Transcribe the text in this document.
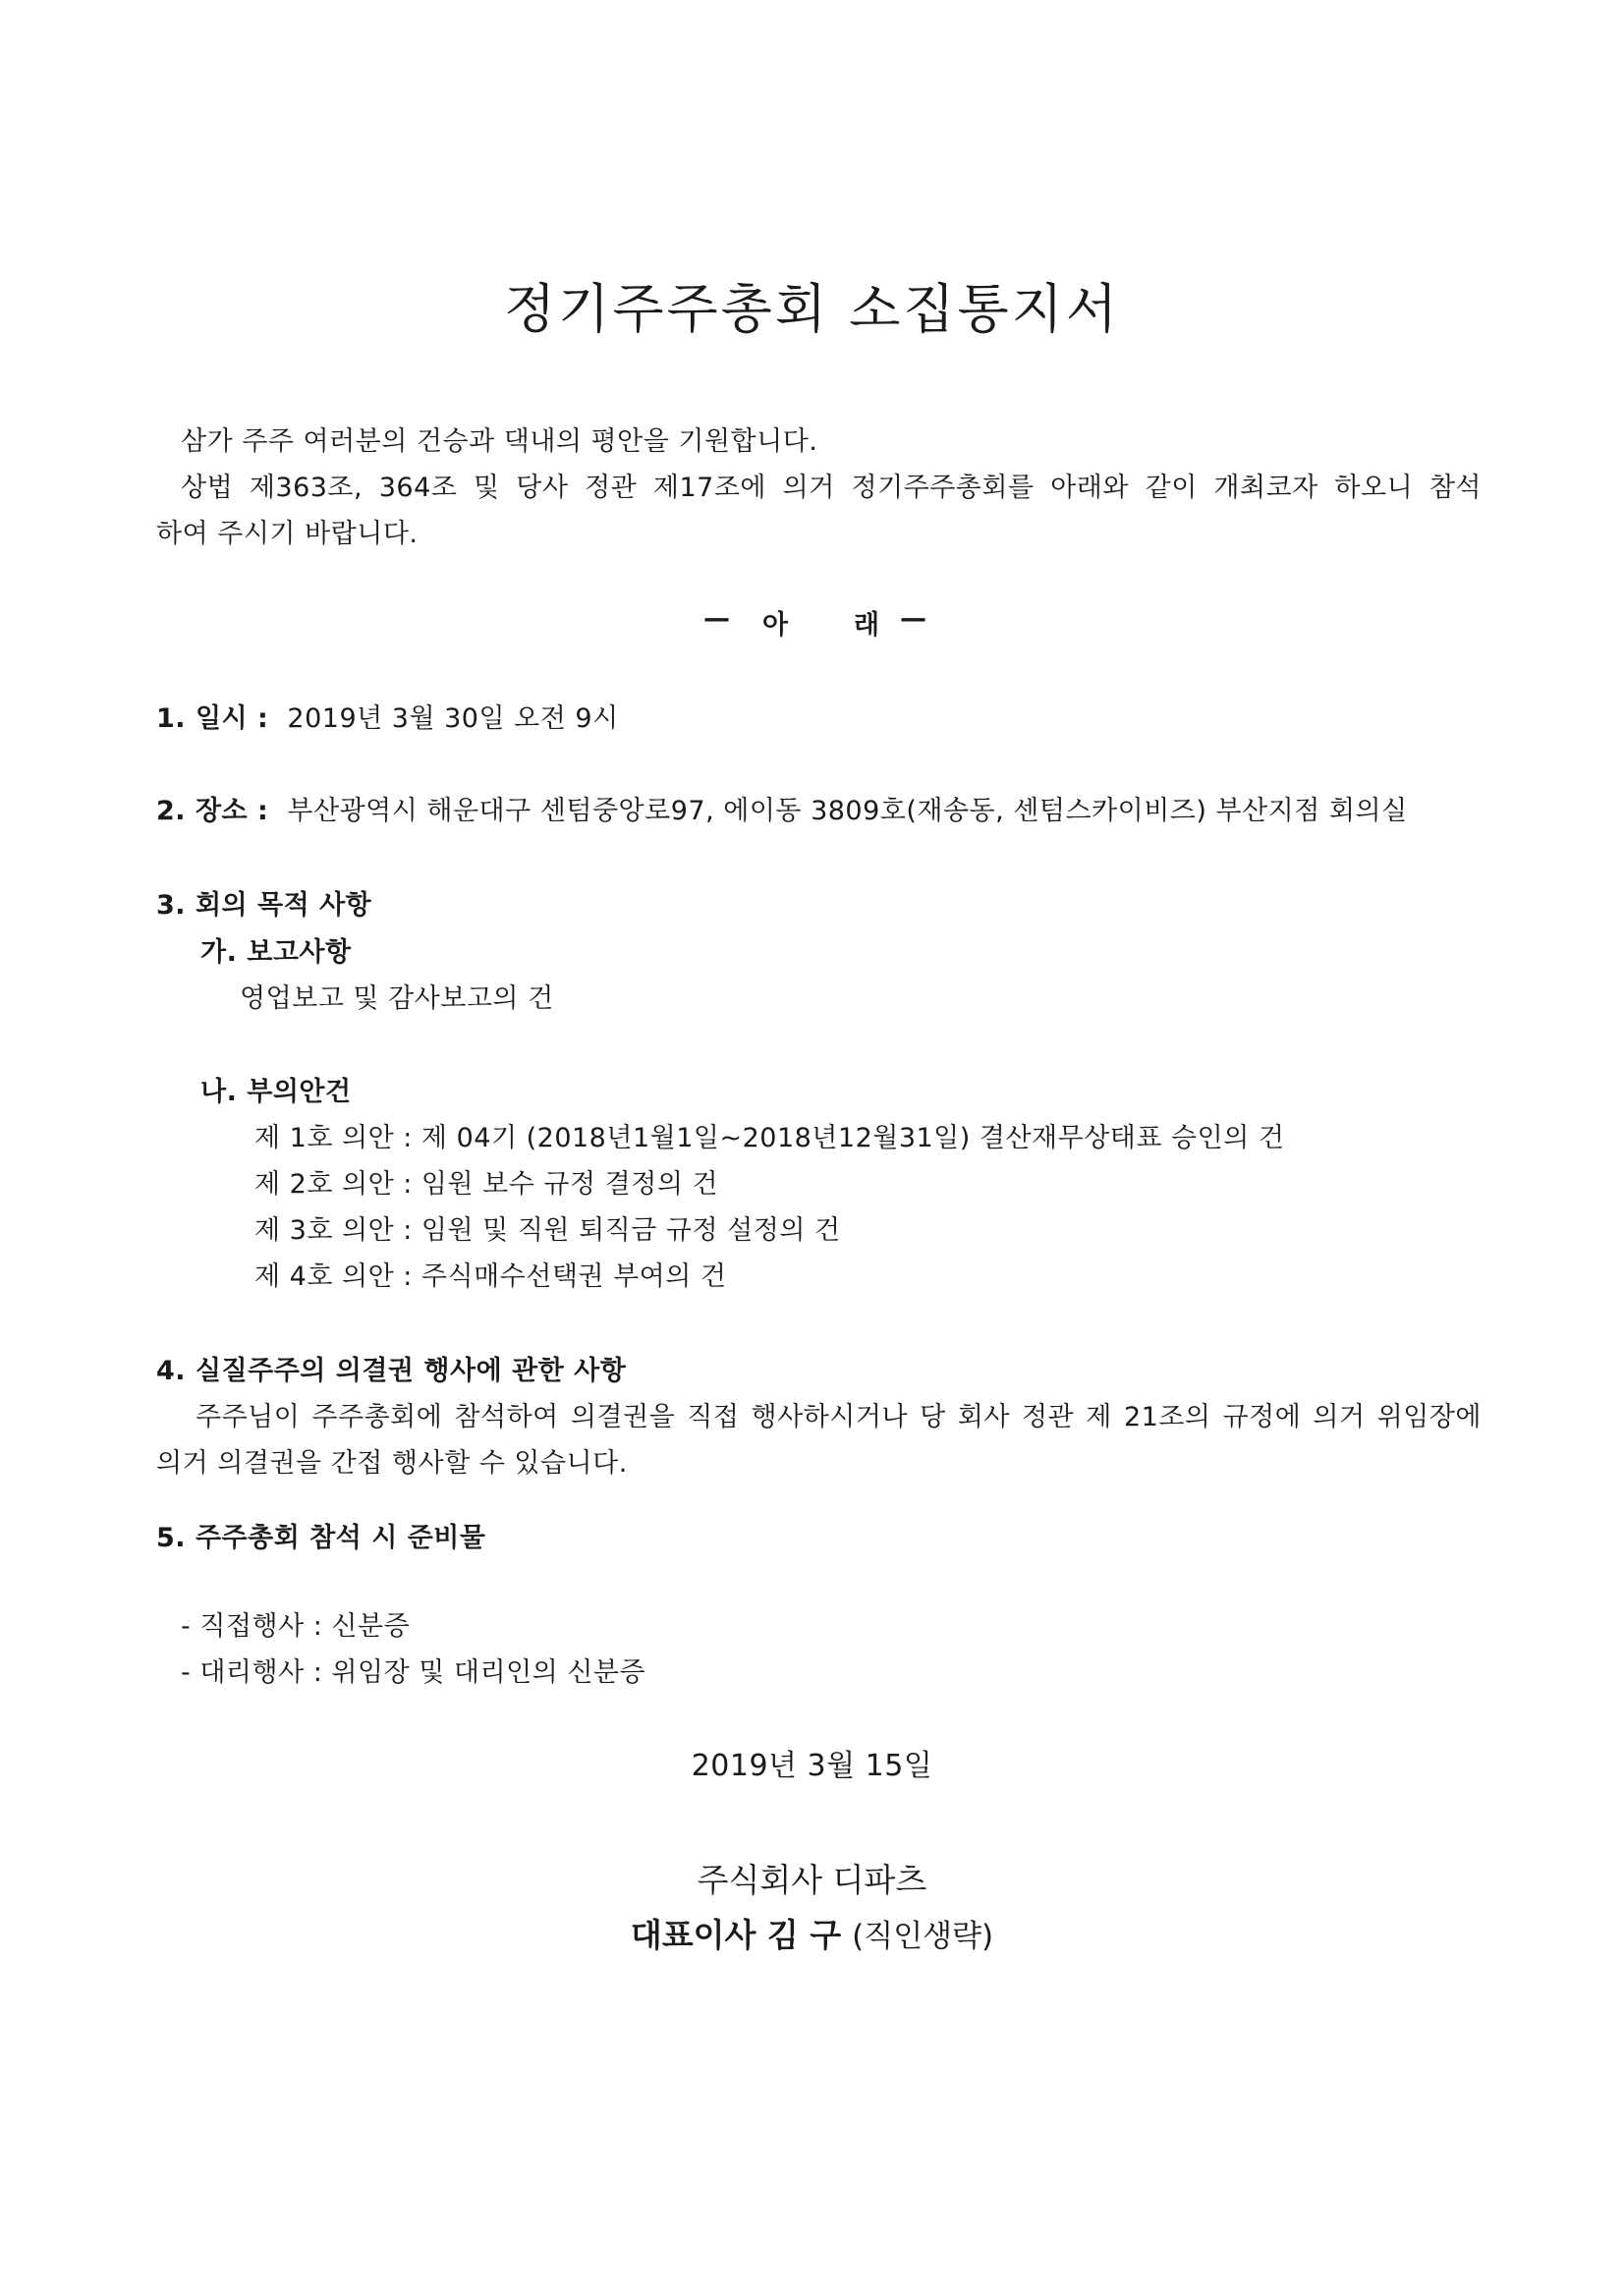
정기주주총회 소집통지서
삼가 주주 여러분의 건승과 댁내의 평안을 기원합니다.
상법 제363조, 364조 및 당사 정관 제17조에 의거 정기주주총회를 아래와 같이 개최코자 하오니 참석
하여 주시기 바랍니다.
— 아 래 —
1. 일시 : 2019년 3월 30일 오전 9시
2. 장소 : 부산광역시 해운대구 센텀중앙로97, 에이동 3809호(재송동, 센텀스카이비즈) 부산지점 회의실
3. 회의 목적 사항
가. 보고사항
영업보고 및 감사보고의 건
나. 부의안건
제 1호 의안 : 제 04기 (2018년1월1일~2018년12월31일) 결산재무상태표 승인의 건
제 2호 의안 : 임원 보수 규정 결정의 건
제 3호 의안 : 임원 및 직원 퇴직금 규정 설정의 건
제 4호 의안 : 주식매수선택권 부여의 건
4. 실질주주의 의결권 행사에 관한 사항
주주님이 주주총회에 참석하여 의결권을 직접 행사하시거나 당 회사 정관 제 21조의 규정에 의거 위임장에
의거 의결권을 간접 행사할 수 있습니다.
5. 주주총회 참석 시 준비물
- 직접행사 : 신분증
- 대리행사 : 위임장 및 대리인의 신분증
2019년 3월 15일
주식회사 디파츠
대표이사 김 구 (직인생략)
